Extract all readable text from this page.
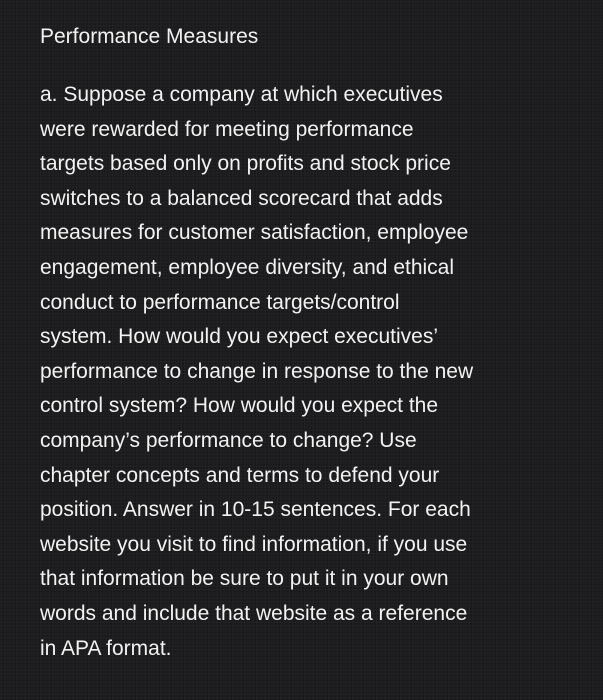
Performance Measures
a. Suppose a company at which executives
were rewarded for meeting performance
targets based only on profits and stock price
switches to a balanced scorecard that adds
measures for customer satisfaction, employee
engagement, employee diversity, and ethical
conduct to performance targets/control
system. How would you expect executives’
performance to change in response to the new
control system? How would you expect the
company’s performance to change? Use
chapter concepts and terms to defend your
position. Answer in 10-15 sentences. For each
website you visit to find information, if you use
that information be sure to put it in your own
words and include that website as a reference
in APA format.
